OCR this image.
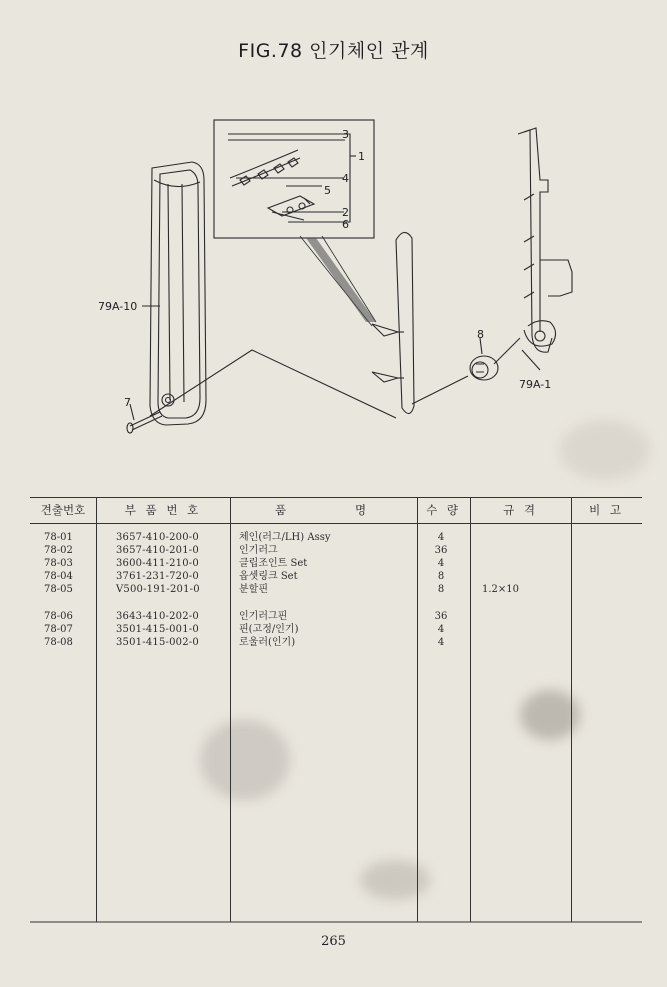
FIG.78 인기체인 관계
3
1
4
5
2
6
8
7
79A-10
79A-1
견출번호	부 품 번 호	품	명	수 량	규 격	비 고
78-01	3657-410-200-0	체인(러그/LH) Assy	4
78-02	3657-410-201-0	인기러그	36
78-03	3600-411-210-0	클립조인트 Set	4
78-04	3761-231-720-0	옵셋링크 Set	8
78-05	V500-191-201-0	분할핀	8	1.2×10
78-06	3643-410-202-0	인기러그핀	36
78-07	3501-415-001-0	핀(고정/인기)	4
78-08	3501-415-002-0	로울러(인기)	4
265
